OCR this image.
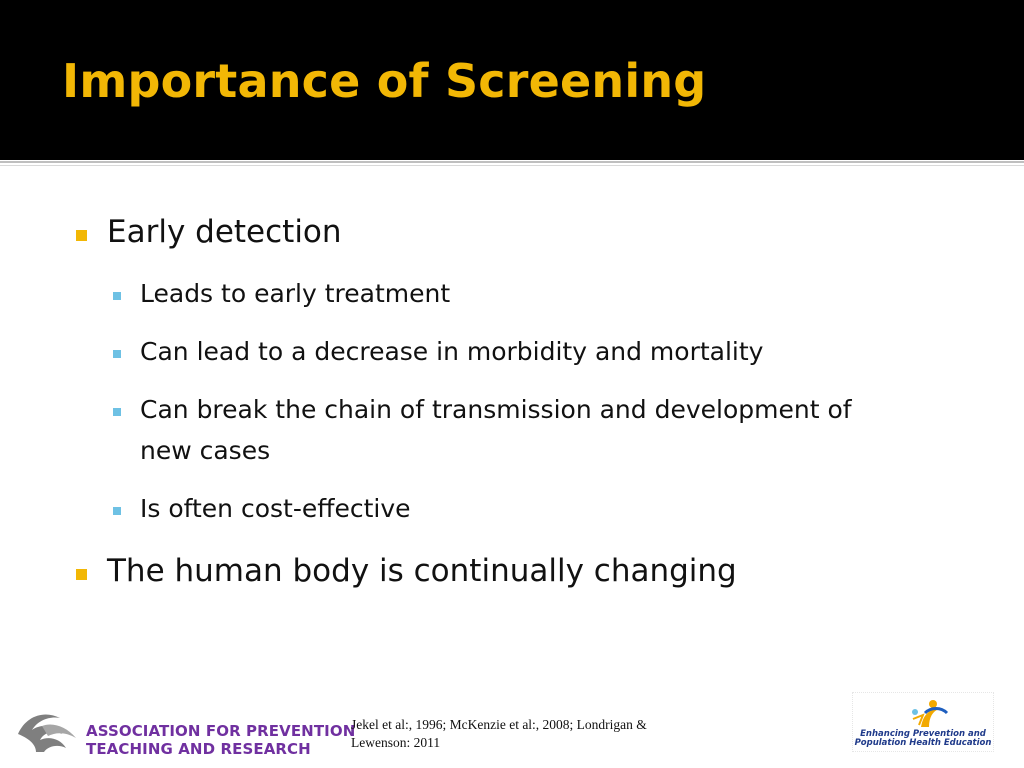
Importance of Screening
Early detection
Leads to early treatment
Can lead to a decrease in morbidity and mortality
Can break the chain of transmission and development of
new cases
Is often cost-effective
The human body is continually changing
ASSOCIATION FOR PREVENTION
TEACHING AND RESEARCH
Jekel et al:, 1996; McKenzie et al:, 2008; Londrigan &
Lewenson: 2011
Enhancing Prevention and
Population Health Education
